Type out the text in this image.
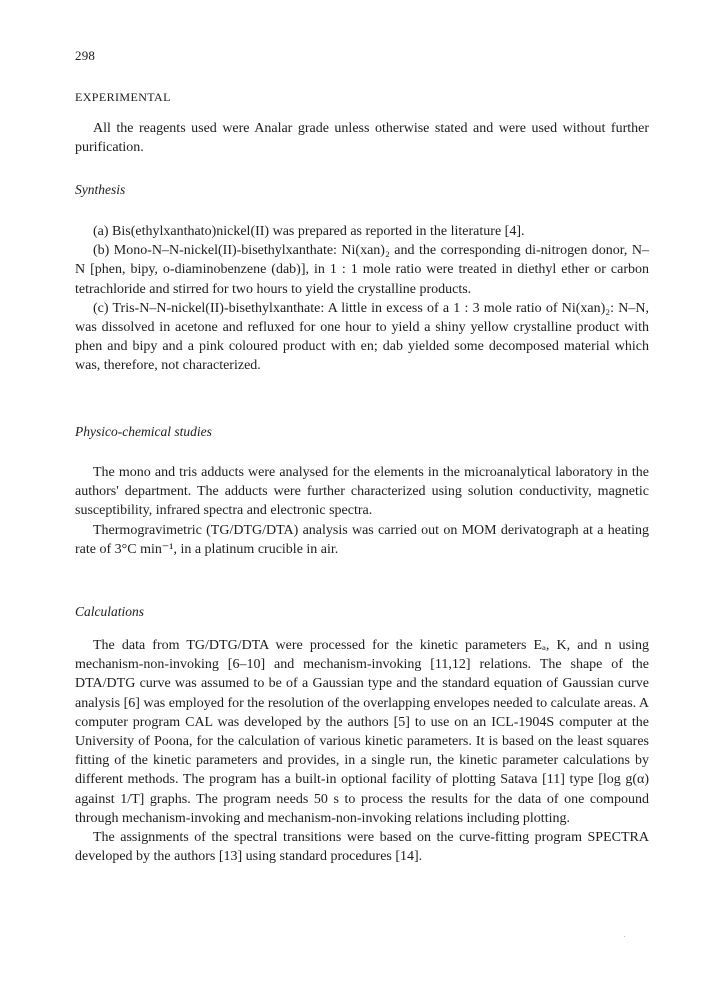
298
EXPERIMENTAL

All the reagents used were Analar grade unless otherwise stated and were used without further purification.

Synthesis

(a) Bis(ethylxanthato)nickel(II) was prepared as reported in the literature [4].

(b) Mono-N–N-nickel(II)-bisethylxanthate: Ni(xan)₂ and the corresponding di-nitrogen donor, N–N [phen, bipy, o-diaminobenzene (dab)], in 1 : 1 mole ratio were treated in diethyl ether or carbon tetrachloride and stirred for two hours to yield the crystalline products.

(c) Tris-N–N-nickel(II)-bisethylxanthate: A little in excess of a 1 : 3 mole ratio of Ni(xan)₂: N–N, was dissolved in acetone and refluxed for one hour to yield a shiny yellow crystalline product with phen and bipy and a pink coloured product with en; dab yielded some decomposed material which was, therefore, not characterized.

Physico-chemical studies

The mono and tris adducts were analysed for the elements in the microanalytical laboratory in the authors' department. The adducts were further characterized using solution conductivity, magnetic susceptibility, infrared spectra and electronic spectra.

Thermogravimetric (TG/DTG/DTA) analysis was carried out on MOM derivatograph at a heating rate of 3°C min⁻¹, in a platinum crucible in air.

Calculations

The data from TG/DTG/DTA were processed for the kinetic parameters Eₐ, K, and n using mechanism-non-invoking [6–10] and mechanism-invoking [11,12] relations. The shape of the DTA/DTG curve was assumed to be of a Gaussian type and the standard equation of Gaussian curve analysis [6] was employed for the resolution of the overlapping envelopes needed to calculate areas. A computer program CAL was developed by the authors [5] to use on an ICL-1904S computer at the University of Poona, for the calculation of various kinetic parameters. It is based on the least squares fitting of the kinetic parameters and provides, in a single run, the kinetic parameter calculations by different methods. The program has a built-in optional facility of plotting Satava [11] type [log g(α) against 1/T] graphs. The program needs 50 s to process the results for the data of one compound through mechanism-invoking and mechanism-non-invoking relations including plotting.

The assignments of the spectral transitions were based on the curve-fitting program SPECTRA developed by the authors [13] using standard procedures [14].
